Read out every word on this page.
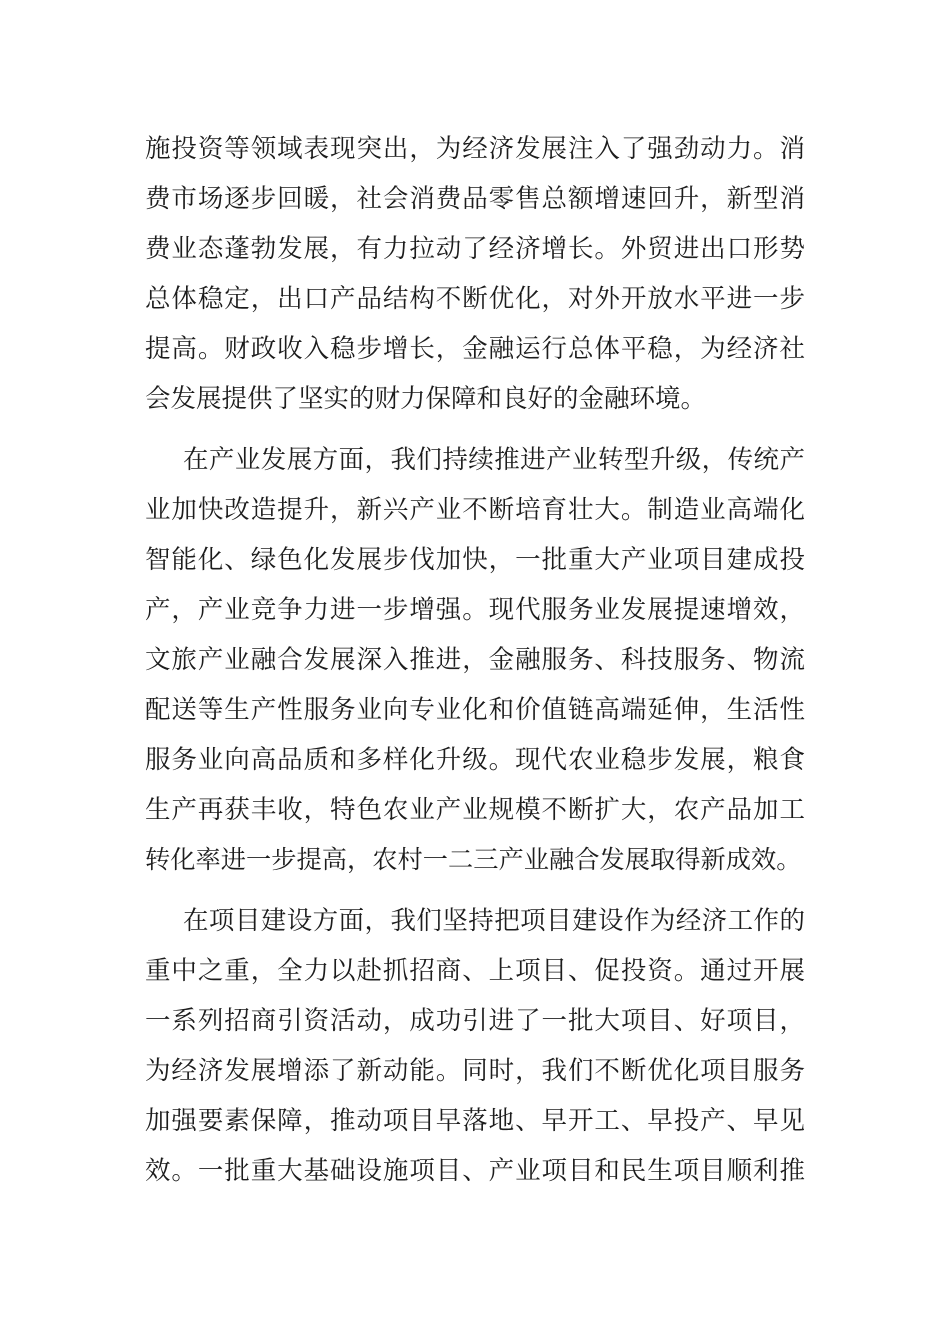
施投资等领域表现突出，为经济发展注入了强劲动力。消
费市场逐步回暖，社会消费品零售总额增速回升，新型消
费业态蓬勃发展，有力拉动了经济增长。外贸进出口形势
总体稳定，出口产品结构不断优化，对外开放水平进一步
提高。财政收入稳步增长，金融运行总体平稳，为经济社
会发展提供了坚实的财力保障和良好的金融环境。
在产业发展方面，我们持续推进产业转型升级，传统产
业加快改造提升，新兴产业不断培育壮大。制造业高端化
智能化、绿色化发展步伐加快，一批重大产业项目建成投
产，产业竞争力进一步增强。现代服务业发展提速增效，
文旅产业融合发展深入推进，金融服务、科技服务、物流
配送等生产性服务业向专业化和价值链高端延伸，生活性
服务业向高品质和多样化升级。现代农业稳步发展，粮食
生产再获丰收，特色农业产业规模不断扩大，农产品加工
转化率进一步提高，农村一二三产业融合发展取得新成效。
在项目建设方面，我们坚持把项目建设作为经济工作的
重中之重，全力以赴抓招商、上项目、促投资。通过开展
一系列招商引资活动，成功引进了一批大项目、好项目，
为经济发展增添了新动能。同时，我们不断优化项目服务
加强要素保障，推动项目早落地、早开工、早投产、早见
效。一批重大基础设施项目、产业项目和民生项目顺利推
